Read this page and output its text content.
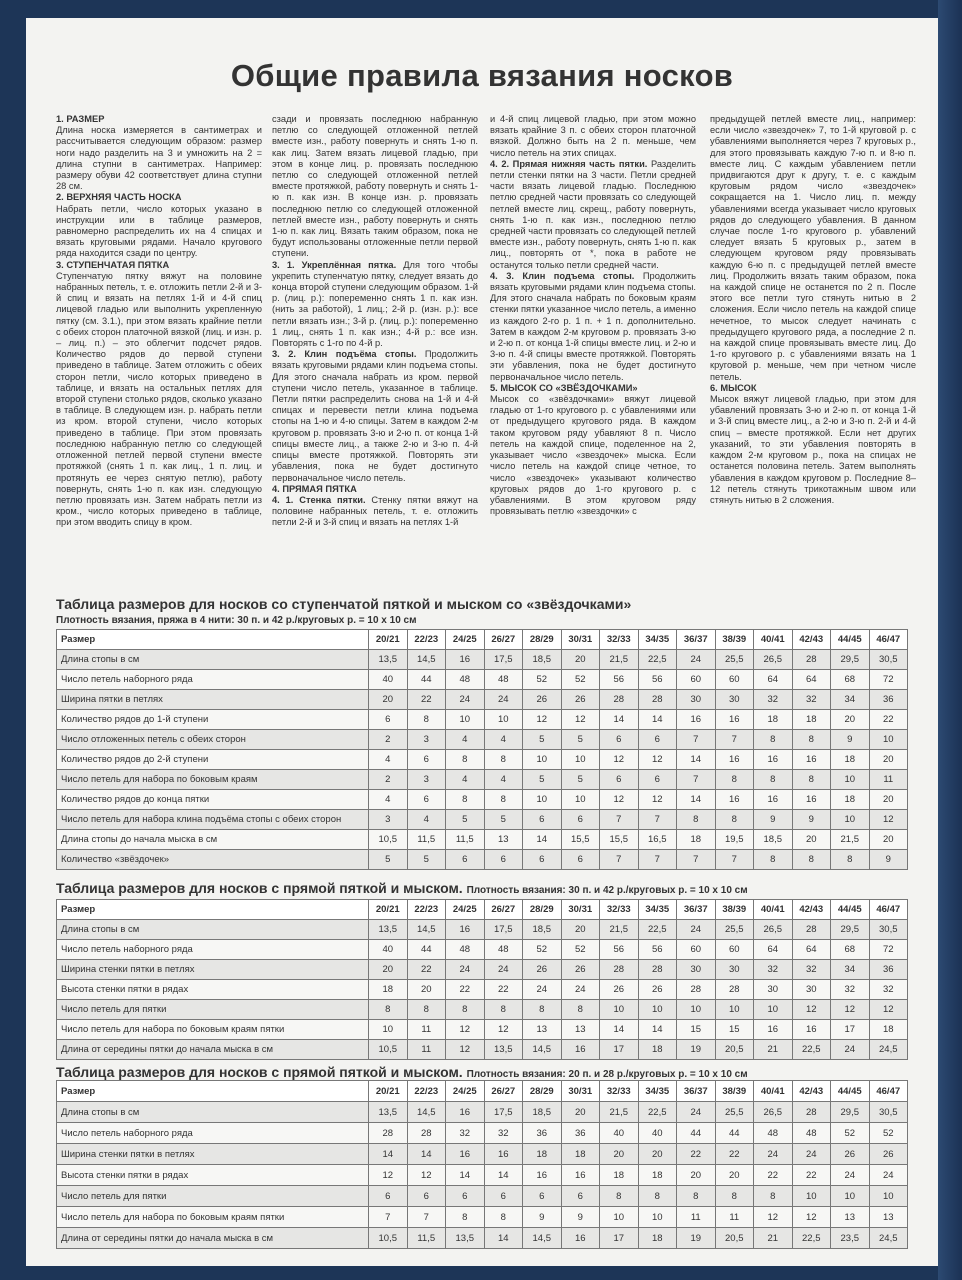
Общие правила вязания носков

1. РАЗМЕР

Длина носка измеряется в сантиметрах и рассчитывается следующим образом: размер ноги надо разделить на 3 и умножить на 2 = длина ступни в сантиметрах. Например: размеру обуви 42 соответствует длина ступни 28 см.

2. ВЕРХНЯЯ ЧАСТЬ НОСКА

Набрать петли, число которых указано в инструкции или в таблице размеров, равномерно распределить их на 4 спицах и вязать круговыми рядами. Начало кругового ряда находится сзади по центру.

3. СТУПЕНЧАТАЯ ПЯТКА

Ступенчатую пятку вяжут на половине набранных петель, т. е. отложить петли 2-й и 3-й спиц и вязать на петлях 1-й и 4-й спиц лицевой гладью или выполнить укрепленную пятку (см. 3.1.), при этом вязать крайние петли с обеих сторон платочной вязкой (лиц. и изн. р. – лиц. п.) – это облегчит подсчет рядов. Количество рядов до первой ступени приведено в таблице. Затем отложить с обеих сторон петли, число которых приведено в таблице, и вязать на остальных петлях для второй ступени столько рядов, сколько указано в таблице. В следующем изн. р. набрать петли из кром. второй ступени, число которых приведено в таблице. При этом провязать последнюю набранную петлю со следующей отложенной петлей первой ступени вместе протяжкой (снять 1 п. как лиц., 1 п. лиц. и протянуть ее через снятую петлю), работу повернуть, снять 1-ю п. как изн. следующую петлю провязать изн. Затем набрать петли из кром., число которых приведено в таблице, при этом вводить спицу в кром.

сзади и провязать последнюю набранную петлю со следующей отложенной петлей вместе изн., работу повернуть и снять 1-ю п. как лиц. Затем вязать лицевой гладью, при этом в конце лиц. р. провязать последнюю петлю со следующей отложенной петлей вместе протяжкой, работу повернуть и снять 1-ю п. как изн. В конце изн. р. провязать последнюю петлю со следующей отложенной петлей вместе изн., работу повернуть и снять 1-ю п. как лиц. Вязать таким образом, пока не будут использованы отложенные петли первой ступени.

3. 1. Укреплённая пятка. Для того чтобы укрепить ступенчатую пятку, следует вязать до конца второй ступени следующим образом. 1-й р. (лиц. р.): попеременно снять 1 п. как изн. (нить за работой), 1 лиц.; 2-й р. (изн. р.): все петли вязать изн.; 3-й р. (лиц. р.): попеременно 1 лиц., снять 1 п. как изн.; 4-й р.: все изн. Повторять с 1-го по 4-й р.

3. 2. Клин подъёма стопы. Продолжить вязать круговыми рядами клин подъема стопы. Для этого сначала набрать из кром. первой ступени число петель, указанное в таблице. Петли пятки распределить снова на 1-й и 4-й спицах и перевести петли клина подъема стопы на 1-ю и 4-ю спицы. Затем в каждом 2-м круговом р. провязать 3-ю и 2-ю п. от конца 1-й спицы вместе лиц., а также 2-ю и 3-ю п. 4-й спицы вместе протяжкой. Повторять эти убавления, пока не будет достигнуто первоначальное число петель.

4. ПРЯМАЯ ПЯТКА

4. 1. Стенка пятки. Стенку пятки вяжут на половине набранных петель, т. е. отложить петли 2-й и 3-й спиц и вязать на петлях 1-й

и 4-й спиц лицевой гладью, при этом можно вязать крайние 3 п. с обеих сторон платочной вязкой. Должно быть на 2 п. меньше, чем число петель на этих спицах.

4. 2. Прямая нижняя часть пятки. Разделить петли стенки пятки на 3 части. Петли средней части вязать лицевой гладью. Последнюю петлю средней части провязать со следующей петлей вместе лиц. скрещ., работу повернуть, снять 1-ю п. как изн., последнюю петлю средней части провязать со следующей петлей вместе изн., работу повернуть, снять 1-ю п. как лиц., повторять от *, пока в работе не останутся только петли средней части.

4. 3. Клин подъема стопы. Продолжить вязать круговыми рядами клин подъема стопы. Для этого сначала набрать по боковым краям стенки пятки указанное число петель, а именно из каждого 2-го р. 1 п. + 1 п. дополнительно. Затем в каждом 2-м круговом р. провязать 3-ю и 2-ю п. от конца 1-й спицы вместе лиц. и 2-ю и 3-ю п. 4-й спицы вместе протяжкой. Повторять эти убавления, пока не будет достигнуто первоначальное число петель.

5. МЫСОК СО «ЗВЁЗДОЧКАМИ»

Мысок со «звёздочками» вяжут лицевой гладью от 1-го кругового р. с убавлениями или от предыдущего кругового ряда. В каждом таком круговом ряду убавляют 8 п. Число петель на каждой спице, поделенное на 2, указывает число «звездочек» мыска. Если число петель на каждой спице четное, то число «звездочек» указывают количество круговых рядов до 1-го кругового р. с убавлениями. В этом круговом ряду провязывать петлю «звездочки» с

предыдущей петлей вместе лиц., например: если число «звездочек» 7, то 1-й круговой р. с убавлениями выполняется через 7 круговых р., для этого провязывать каждую 7-ю п. и 8-ю п. вместе лиц. С каждым убавлением петли придвигаются друг к другу, т. е. с каждым круговым рядом число «звездочек» сокращается на 1. Число лиц. п. между убавлениями всегда указывает число круговых рядов до следующего убавления. В данном случае после 1-го кругового р. убавлений следует вязать 5 круговых р., затем в следующем круговом ряду провязывать каждую 6-ю п. с предыдущей петлей вместе лиц. Продолжить вязать таким образом, пока на каждой спице не останется по 2 п. После этого все петли туго стянуть нитью в 2 сложения. Если число петель на каждой спице нечетное, то мысок следует начинать с предыдущего кругового ряда, а последние 2 п. на каждой спице провязывать вместе лиц. До 1-го кругового р. с убавлениями вязать на 1 круговой р. меньше, чем при четном числе петель.

6. МЫСОК

Мысок вяжут лицевой гладью, при этом для убавлений провязать 3-ю и 2-ю п. от конца 1-й и 3-й спиц вместе лиц., а 2-ю и 3-ю п. 2-й и 4-й спиц – вместе протяжкой. Если нет других указаний, то эти убавления повторять в каждом 2-м круговом р., пока на спицах не останется половина петель. Затем выполнять убавления в каждом круговом р. Последние 8–12 петель стянуть трикотажным швом или стянуть нитью в 2 сложения.

Таблица размеров для носков со ступенчатой пяткой и мыском со «звёздочками»
Плотность вязания, пряжа в 4 нити: 30 п. и 42 р./круговых р. = 10 х 10 см
Размер	20/21	22/23	24/25	26/27	28/29	30/31	32/33	34/35	36/37	38/39	40/41	42/43	44/45	46/47
Длина стопы в см	13,5	14,5	16	17,5	18,5	20	21,5	22,5	24	25,5	26,5	28	29,5	30,5
Число петель наборного ряда	40	44	48	48	52	52	56	56	60	60	64	64	68	72
Ширина пятки в петлях	20	22	24	24	26	26	28	28	30	30	32	32	34	36
Количество рядов до 1-й ступени	6	8	10	10	12	12	14	14	16	16	18	18	20	22
Число отложенных петель с обеих сторон	2	3	4	4	5	5	6	6	7	7	8	8	9	10
Количество рядов до 2-й ступени	4	6	8	8	10	10	12	12	14	16	16	16	18	20
Число петель для набора по боковым краям	2	3	4	4	5	5	6	6	7	8	8	8	10	11
Количество рядов до конца пятки	4	6	8	8	10	10	12	12	14	16	16	16	18	20
Число петель для набора клина подъёма стопы с обеих сторон	3	4	5	5	6	6	7	7	8	8	9	9	10	12
Длина стопы до начала мыска в см	10,5	11,5	11,5	13	14	15,5	15,5	16,5	18	19,5	18,5	20	21,5	20
Количество «звёздочек»	5	5	6	6	6	6	7	7	7	7	8	8	8	9
Таблица размеров для носков с прямой пяткой и мыском. Плотность вязания: 30 п. и 42 р./круговых р. = 10 х 10 см
Размер	20/21	22/23	24/25	26/27	28/29	30/31	32/33	34/35	36/37	38/39	40/41	42/43	44/45	46/47
Длина стопы в см	13,5	14,5	16	17,5	18,5	20	21,5	22,5	24	25,5	26,5	28	29,5	30,5
Число петель наборного ряда	40	44	48	48	52	52	56	56	60	60	64	64	68	72
Ширина стенки пятки в петлях	20	22	24	24	26	26	28	28	30	30	32	32	34	36
Высота стенки пятки в рядах	18	20	22	22	24	24	26	26	28	28	30	30	32	32
Число петель для пятки	8	8	8	8	8	8	10	10	10	10	10	12	12	12
Число петель для набора по боковым краям пятки	10	11	12	12	13	13	14	14	15	15	16	16	17	18
Длина от середины пятки до начала мыска в см	10,5	11	12	13,5	14,5	16	17	18	19	20,5	21	22,5	24	24,5
Таблица размеров для носков с прямой пяткой и мыском. Плотность вязания: 20 п. и 28 р./круговых р. = 10 х 10 см
Размер	20/21	22/23	24/25	26/27	28/29	30/31	32/33	34/35	36/37	38/39	40/41	42/43	44/45	46/47
Длина стопы в см	13,5	14,5	16	17,5	18,5	20	21,5	22,5	24	25,5	26,5	28	29,5	30,5
Число петель наборного ряда	28	28	32	32	36	36	40	40	44	44	48	48	52	52
Ширина стенки пятки в петлях	14	14	16	16	18	18	20	20	22	22	24	24	26	26
Высота стенки пятки в рядах	12	12	14	14	16	16	18	18	20	20	22	22	24	24
Число петель для пятки	6	6	6	6	6	6	8	8	8	8	8	10	10	10
Число петель для набора по боковым краям пятки	7	7	8	8	9	9	10	10	11	11	12	12	13	13
Длина от середины пятки до начала мыска в см	10,5	11,5	13,5	14	14,5	16	17	18	19	20,5	21	22,5	23,5	24,5
